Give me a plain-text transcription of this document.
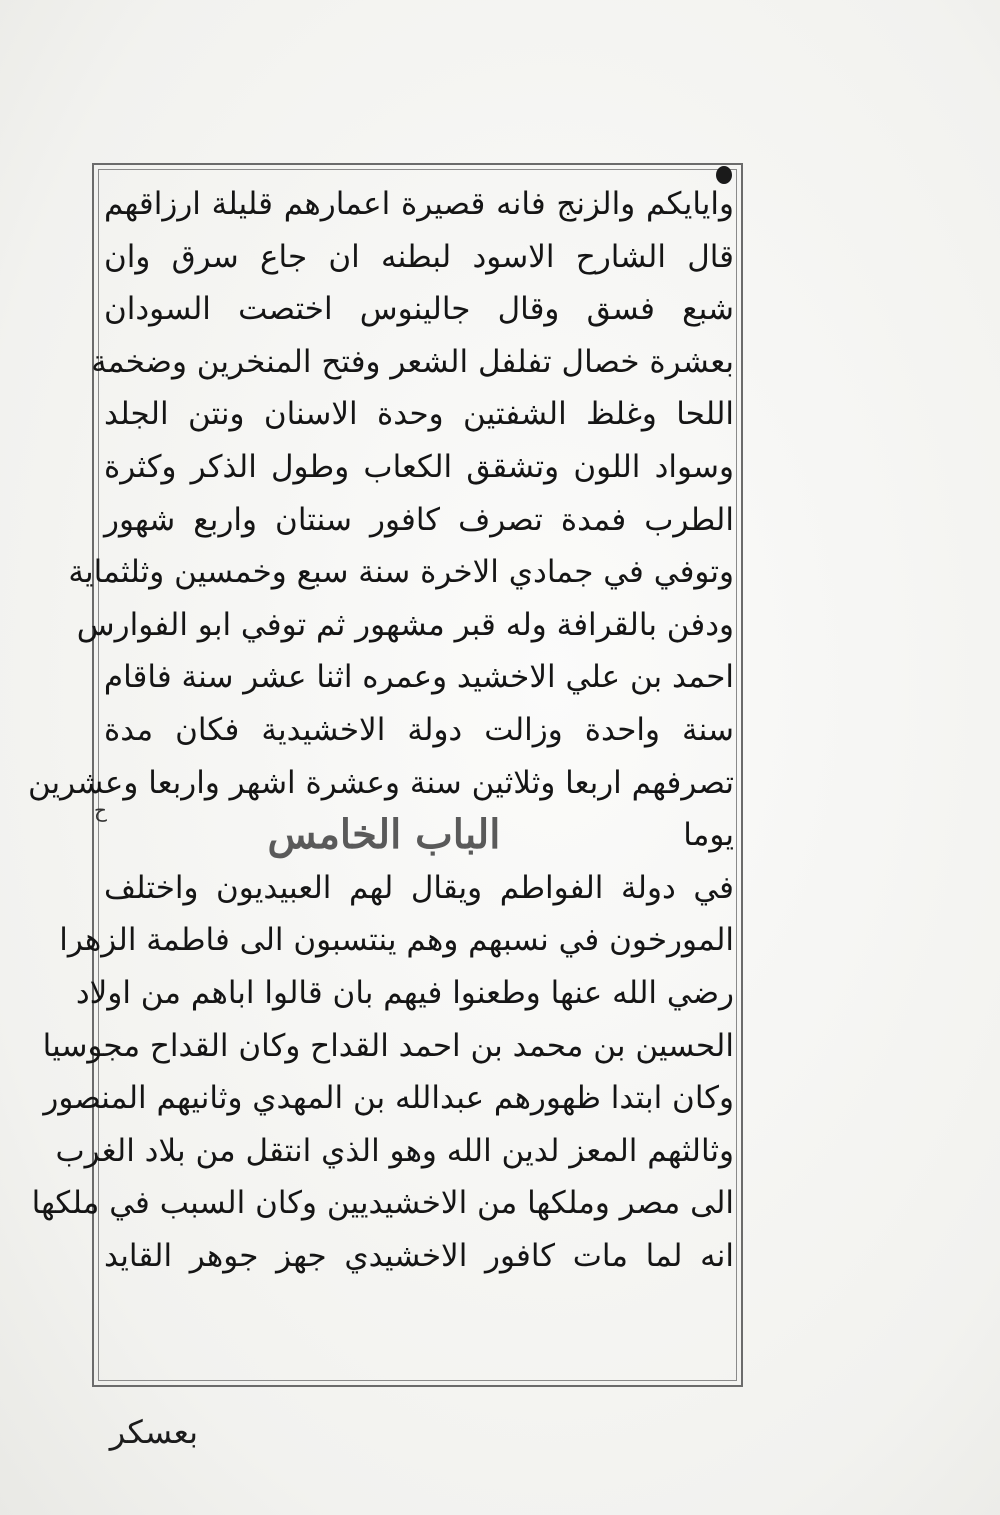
ح
وايايكم والزنج فانه قصيرة اعمارهم قليلة ارزاقهم
قال الشارح الاسود لبطنه ان جاع سرق وان
شبع فسق وقال جالينوس اختصت السودان
بعشرة خصال تفلفل الشعر وفتح المنخرين وضخمة
اللحا وغلظ الشفتين وحدة الاسنان ونتن الجلد
وسواد اللون وتشقق الكعاب وطول الذكر وكثرة
الطرب فمدة تصرف كافور سنتان واربع شهور
وتوفي في جمادي الاخرة سنة سبع وخمسين وثلثماية
ودفن بالقرافة وله قبر مشهور ثم توفي ابو الفوارس
احمد بن علي الاخشيد وعمره اثنا عشر سنة فاقام
سنة واحدة وزالت دولة الاخشيدية فكان مدة
تصرفهم اربعا وثلاثين سنة وعشرة اشهر واربعا وعشرين
يوما الباب الخامس
في دولة الفواطم ويقال لهم العبيديون واختلف
المورخون في نسبهم وهم ينتسبون الى فاطمة الزهرا
رضي الله عنها وطعنوا فيهم بان قالوا اباهم من اولاد
الحسين بن محمد بن احمد القداح وكان القداح مجوسيا
وكان ابتدا ظهورهم عبدالله بن المهدي وثانيهم المنصور
وثالثهم المعز لدين الله وهو الذي انتقل من بلاد الغرب
الى مصر وملكها من الاخشيديين وكان السبب في ملكها
انه لما مات كافور الاخشيدي جهز جوهر القايد
بعسكر
